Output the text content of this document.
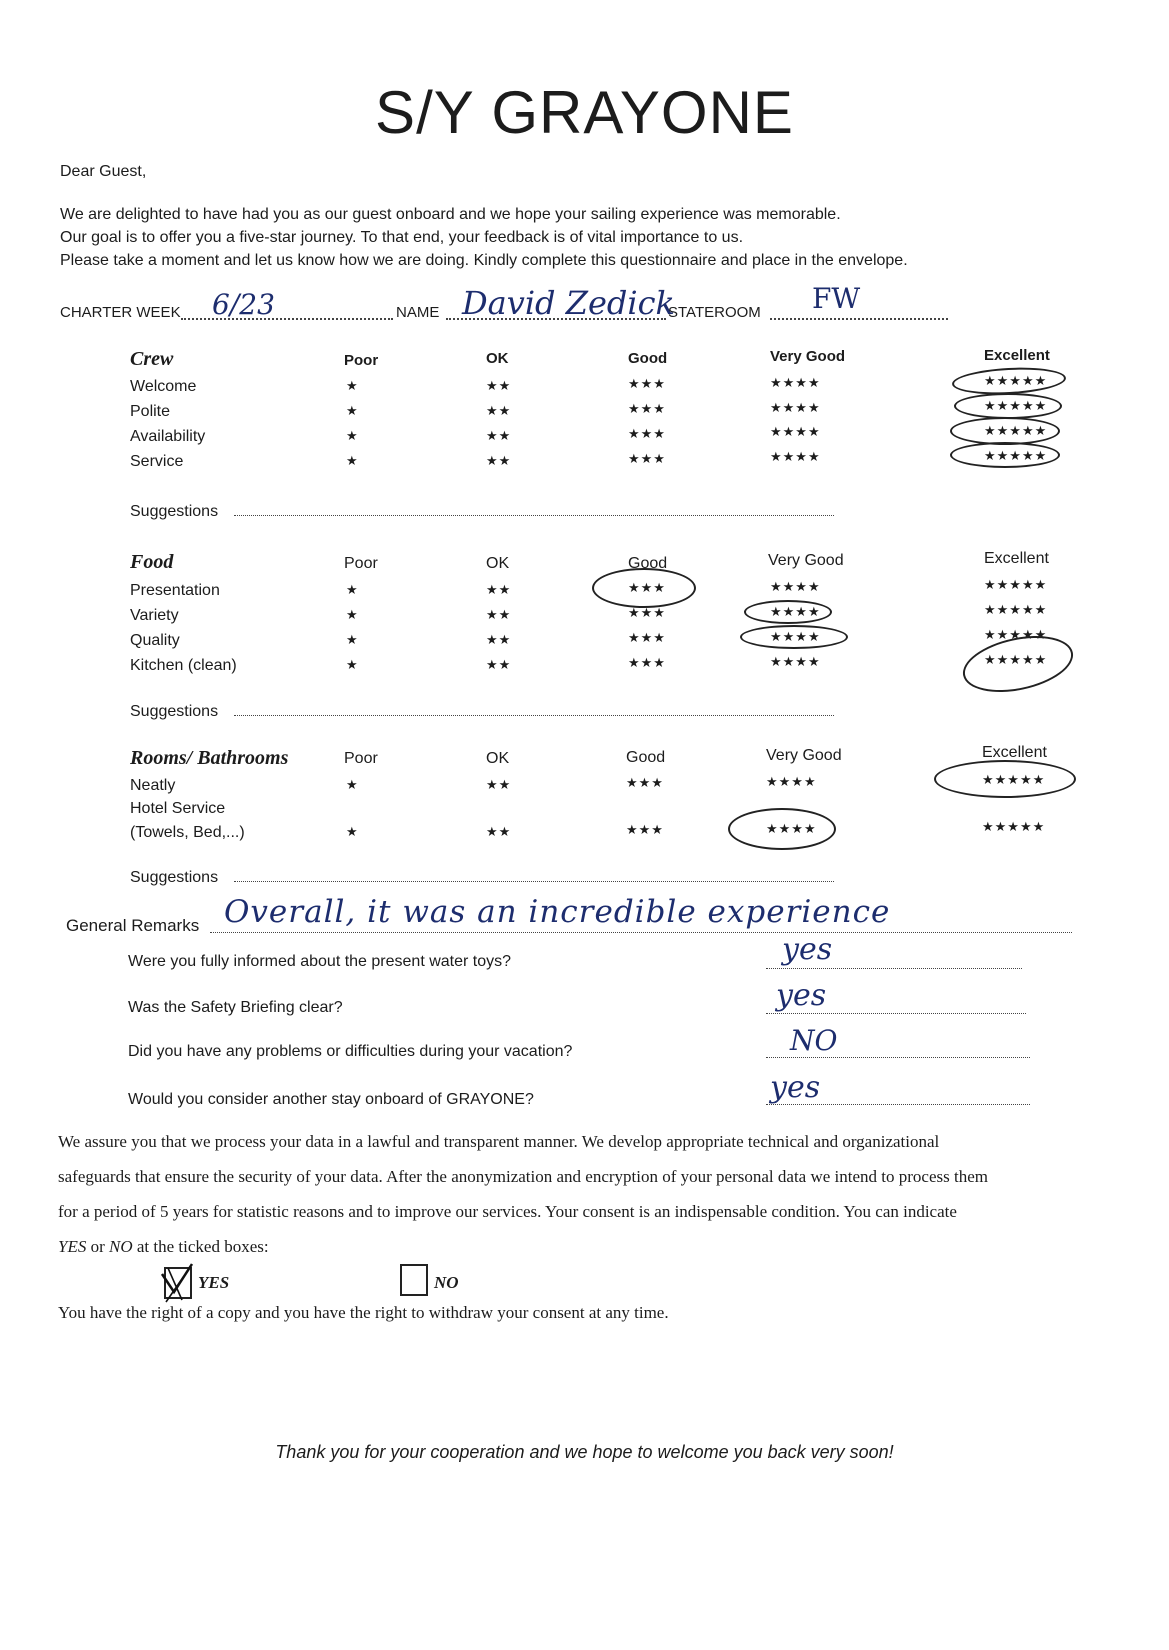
S/Y GRAYONE
Dear Guest,
We are delighted to have had you as our guest onboard and we hope your sailing experience was memorable.
Our goal is to offer you a five-star journey. To that end, your feedback is of vital importance to us.
Please take a moment and let us know how we are doing. Kindly complete this questionnaire and place in the envelope.
CHARTER WEEK 6/23	NAME David Zedick
STATEROOM FW
Crew	Poor	OK	Good	Very Good	Excellent
Welcome	★	★★	★★★	★★★★	★★★★★
Polite	★	★★	★★★	★★★★	★★★★★
Availability	★	★★	★★★	★★★★	★★★★★
Service	★	★★	★★★	★★★★	★★★★★
Suggestions
Food	Poor	OK	Good	Very Good	Excellent
Presentation	★	★★	★★★	★★★★	★★★★★
Variety	★	★★	★★★	★★★★	★★★★★
Quality	★	★★	★★★	★★★★	★★★★★
Kitchen (clean)	★	★★	★★★	★★★★	★★★★★
Suggestions
Rooms/ Bathrooms	Poor	OK	Good	Very Good	Excellent
Neatly	★	★★	★★★	★★★★	★★★★★
Hotel Service
(Towels, Bed,...)	★	★★	★★★	★★★★	★★★★★
Suggestions
General Remarks Overall, it was an incredible experience
Were you fully informed about the present water toys?	yes
Was the Safety Briefing clear?	yes
Did you have any problems or difficulties during your vacation?	NO
Would you consider another stay onboard of GRAYONE?	yes
We assure you that we process your data in a lawful and transparent manner. We develop appropriate technical and organizational
safeguards that ensure the security of your data. After the anonymization and encryption of your personal data we intend to process them
for a period of 5 years for statistic reasons and to improve our services. Your consent is an indispensable condition. You can indicate
YES or NO at the ticked boxes:
YES	NO
You have the right of a copy and you have the right to withdraw your consent at any time.
Thank you for your cooperation and we hope to welcome you back very soon!
